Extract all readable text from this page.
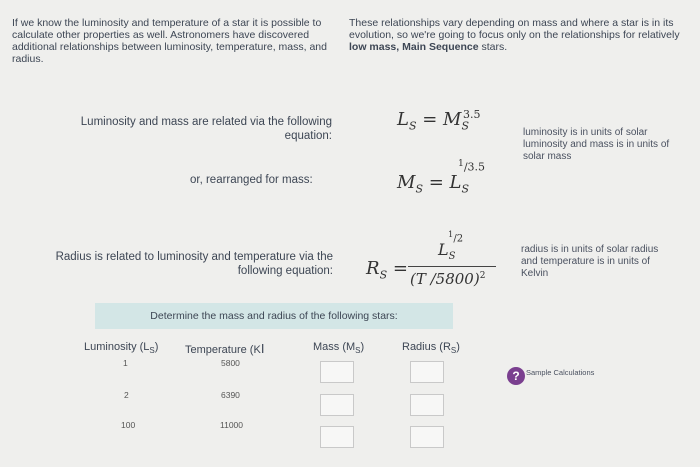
If we know the luminosity and temperature of a star it is possible to calculate other properties as well. Astronomers have discovered additional relationships between luminosity, temperature, mass, and radius.
These relationships vary depending on mass and where a star is in its evolution, so we're going to focus only on the relationships for relatively low mass, Main Sequence stars.
Luminosity and mass are related via the following equation:
$L_S = M_S^{3.5}$
luminosity is in units of solar luminosity and mass is in units of solar mass
or, rearranged for mass:	$M_S = L_S$
$^1$/3.5
Radius is related to luminosity and temperature via the following equation: $R_S$ =
$L_S$
$^1$/2
(T /5800)$^2$
radius is in units of solar radius and temperature is in units of Kelvin
Determine the mass and radius of the following stars:
Luminosity $(L_S)$ Temperature (KI	Mass $(M_S)$	Radius $(R_S)$
1	5800
2	6390
100	11000
? Sample Calculations
